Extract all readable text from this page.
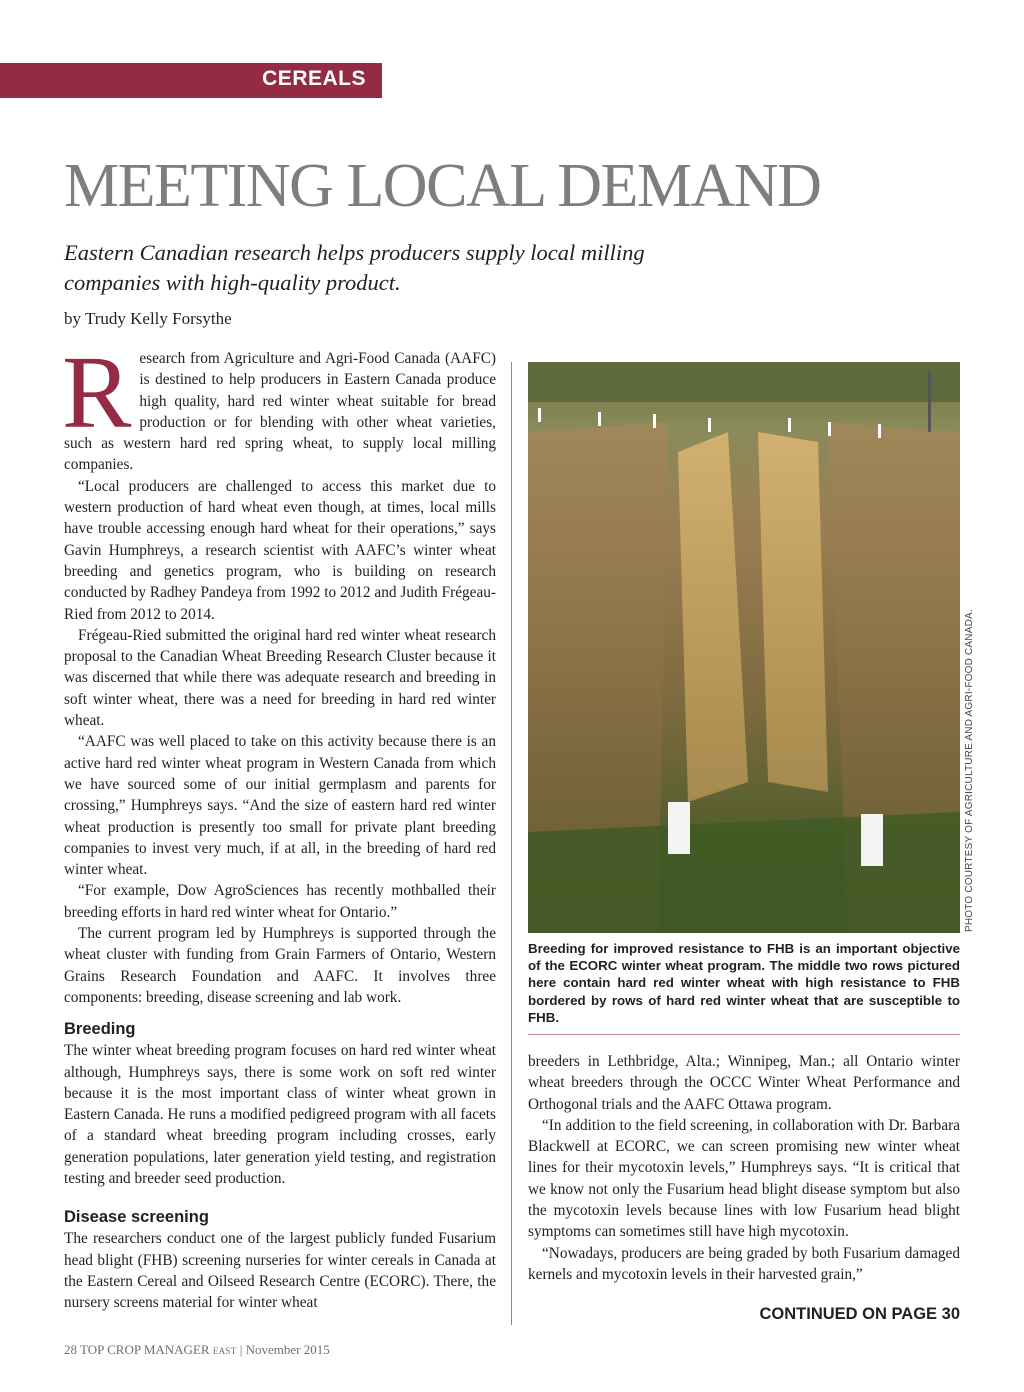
CEREALS
MEETING LOCAL DEMAND

Eastern Canadian research helps producers supply local milling companies with high-quality product.

by Trudy Kelly Forsythe

Research from Agriculture and Agri-Food Canada (AAFC) is destined to help producers in Eastern Canada produce high quality, hard red winter wheat suitable for bread production or for blending with other wheat varieties, such as western hard red spring wheat, to supply local milling companies.

“Local producers are challenged to access this market due to western production of hard wheat even though, at times, local mills have trouble accessing enough hard wheat for their operations,” says Gavin Humphreys, a research scientist with AAFC’s winter wheat breeding and genetics program, who is building on research conducted by Radhey Pandeya from 1992 to 2012 and Judith Frégeau-Ried from 2012 to 2014.

Frégeau-Ried submitted the original hard red winter wheat research proposal to the Canadian Wheat Breeding Research Cluster because it was discerned that while there was adequate research and breeding in soft winter wheat, there was a need for breeding in hard red winter wheat.

“AAFC was well placed to take on this activity because there is an active hard red winter wheat program in Western Canada from which we have sourced some of our initial germplasm and parents for crossing,” Humphreys says. “And the size of eastern hard red winter wheat production is presently too small for private plant breeding companies to invest very much, if at all, in the breeding of hard red winter wheat.

“For example, Dow AgroSciences has recently mothballed their breeding efforts in hard red winter wheat for Ontario.”

The current program led by Humphreys is supported through the wheat cluster with funding from Grain Farmers of Ontario, Western Grains Research Foundation and AAFC. It involves three components: breeding, disease screening and lab work.

Breeding

The winter wheat breeding program focuses on hard red winter wheat although, Humphreys says, there is some work on soft red winter because it is the most important class of winter wheat grown in Eastern Canada. He runs a modified pedigreed program with all facets of a standard wheat breeding program including crosses, early generation populations, later generation yield testing, and registration testing and breeder seed production.

Disease screening

The researchers conduct one of the largest publicly funded Fusarium head blight (FHB) screening nurseries for winter cereals in Canada at the Eastern Cereal and Oilseed Research Centre (ECORC). There, the nursery screens material for winter wheat

PHOTO COURTESY OF AGRICULTURE AND AGRI-FOOD CANADA.

Breeding for improved resistance to FHB is an important objective of the ECORC winter wheat program. The middle two rows pictured here contain hard red winter wheat with high resistance to FHB bordered by rows of hard red winter wheat that are susceptible to FHB.

breeders in Lethbridge, Alta.; Winnipeg, Man.; all Ontario winter wheat breeders through the OCCC Winter Wheat Performance and Orthogonal trials and the AAFC Ottawa program.

“In addition to the field screening, in collaboration with Dr. Barbara Blackwell at ECORC, we can screen promising new winter wheat lines for their mycotoxin levels,” Humphreys says. “It is critical that we know not only the Fusarium head blight disease symptom but also the mycotoxin levels because lines with low Fusarium head blight symptoms can sometimes still have high mycotoxin.

“Nowadays, producers are being graded by both Fusarium damaged kernels and mycotoxin levels in their harvested grain,”

CONTINUED ON PAGE 30
28 TOP CROP MANAGER EAST | November 2015
